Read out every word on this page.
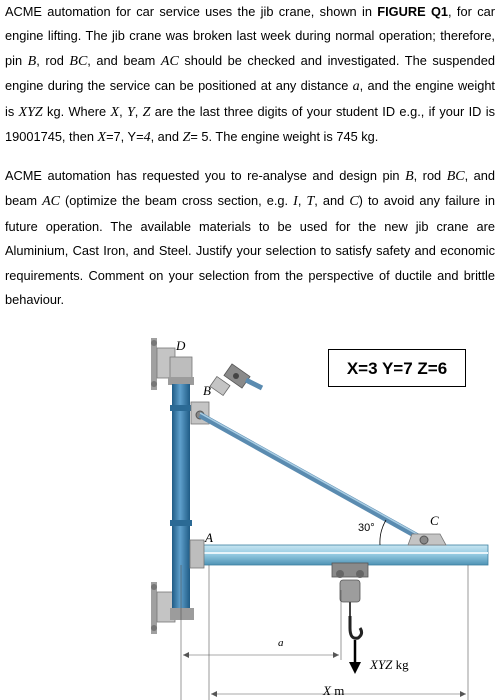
ACME automation for car service uses the jib crane, shown in FIGURE Q1, for car engine lifting. The jib crane was broken last week during normal operation; therefore, pin B, rod BC, and beam AC should be checked and investigated. The suspended engine during the service can be positioned at any distance a, and the engine weight is XYZ kg. Where X, Y, Z are the last three digits of your student ID e.g., if your ID is 19001745, then X=7, Y=4, and Z= 5. The engine weight is 745 kg.
ACME automation has requested you to re-analyse and design pin B, rod BC, and beam AC (optimize the beam cross section, e.g. I, T, and C) to avoid any failure in future operation. The available materials to be used for the new jib crane are Aluminium, Cast Iron, and Steel. Justify your selection to satisfy safety and economic requirements. Comment on your selection from the perspective of ductile and brittle behaviour.
30°
D
B
A
C
a
XYZ kg
X m
X=3 Y=7 Z=6
